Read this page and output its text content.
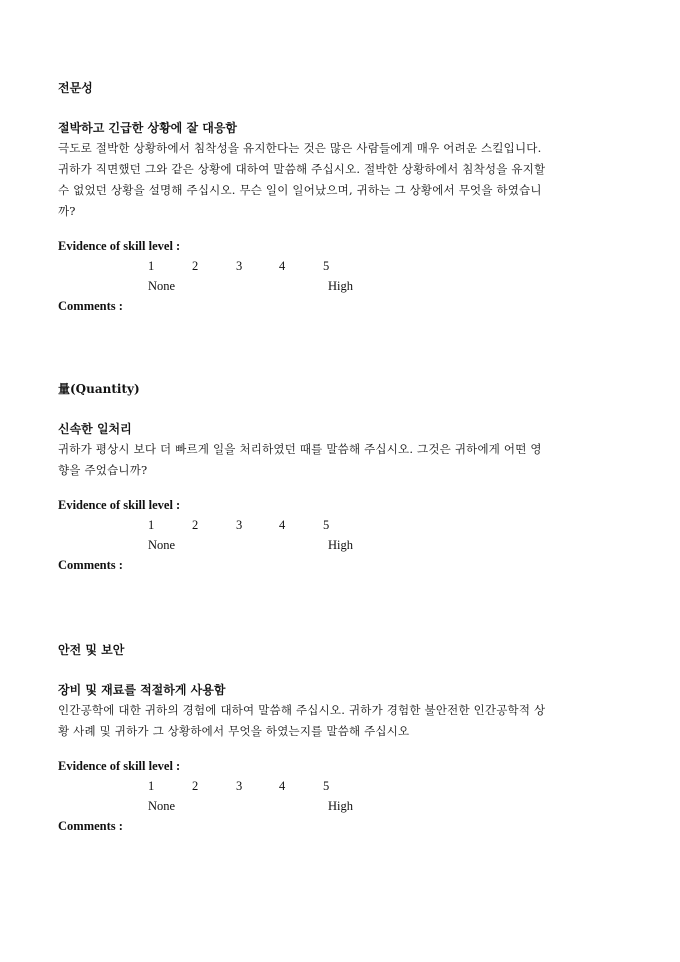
전문성

절박하고 긴급한 상황에 잘 대응함

극도로 절박한 상황하에서 침착성을 유지한다는 것은 많은 사람들에게 매우 어려운 스킬입니다.

귀하가 직면했던 그와 같은 상황에 대하여 말씀해 주십시오. 절박한 상황하에서 침착성을 유지할

수 없었던 상황을 설명해 주십시오. 무슨 일이 일어났으며, 귀하는 그 상황에서 무엇을 하였습니

까?

Evidence of skill level :

1	2	3	4	5
None	High

Comments :

量(Quantity)

신속한 일처리

귀하가 평상시 보다 더 빠르게 일을 처리하였던 때를 말씀해 주십시오. 그것은 귀하에게 어떤 영

향을 주었습니까?

Evidence of skill level :

1	2	3	4	5
None	High

Comments :

안전 및 보안

장비 및 재료를 적절하게 사용함

인간공학에 대한 귀하의 경험에 대하여 말씀해 주십시오. 귀하가 경험한 불안전한 인간공학적 상

황 사례 및 귀하가 그 상황하에서 무엇을 하였는지를 말씀해 주십시오

Evidence of skill level :

1	2	3	4	5
None	High

Comments :
